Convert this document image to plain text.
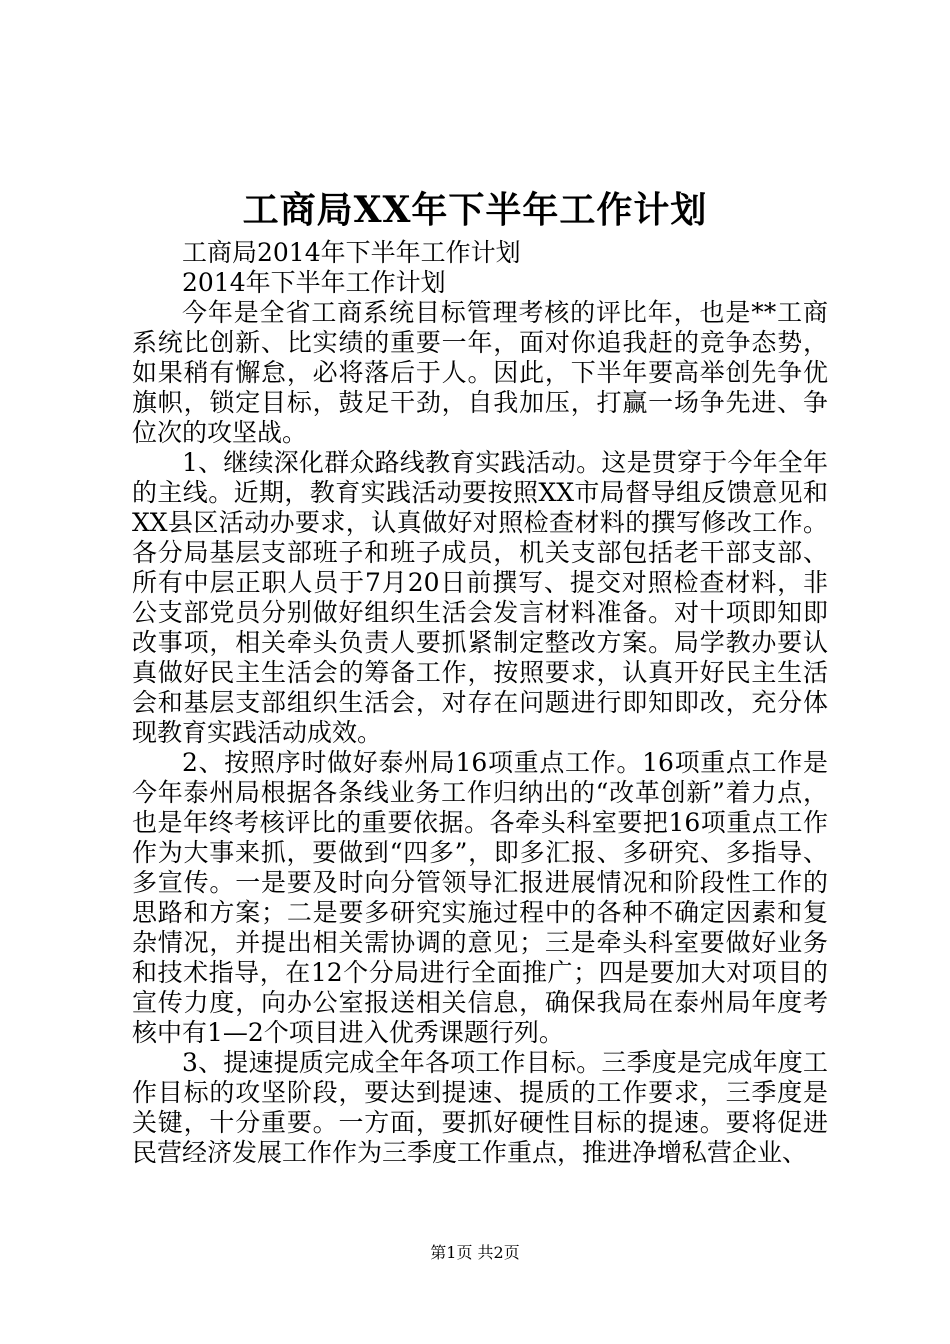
工商局XX年下半年工作计划

工商局2014年下半年工作计划

2014年下半年工作计划

今年是全省工商系统目标管理考核的评比年，也是**工商系统比创新、比实绩的重要一年，面对你追我赶的竞争态势，如果稍有懈怠，必将落后于人。因此，下半年要高举创先争优旗帜，锁定目标，鼓足干劲，自我加压，打赢一场争先进、争位次的攻坚战。

1、继续深化群众路线教育实践活动。这是贯穿于今年全年的主线。近期，教育实践活动要按照XX市局督导组反馈意见和XX县区活动办要求，认真做好对照检查材料的撰写修改工作。各分局基层支部班子和班子成员，机关支部包括老干部支部、所有中层正职人员于7月20日前撰写、提交对照检查材料，非公支部党员分别做好组织生活会发言材料准备。对十项即知即改事项，相关牵头负责人要抓紧制定整改方案。局学教办要认真做好民主生活会的筹备工作，按照要求，认真开好民主生活会和基层支部组织生活会，对存在问题进行即知即改，充分体现教育实践活动成效。

2、按照序时做好泰州局16项重点工作。16项重点工作是今年泰州局根据各条线业务工作归纳出的“改革创新”着力点，也是年终考核评比的重要依据。各牵头科室要把16项重点工作作为大事来抓，要做到“四多”，即多汇报、多研究、多指导、多宣传。一是要及时向分管领导汇报进展情况和阶段性工作的思路和方案；二是要多研究实施过程中的各种不确定因素和复杂情况，并提出相关需协调的意见；三是牵头科室要做好业务和技术指导，在12个分局进行全面推广；四是要加大对项目的宣传力度，向办公室报送相关信息，确保我局在泰州局年度考核中有1—2个项目进入优秀课题行列。

3、提速提质完成全年各项工作目标。三季度是完成年度工作目标的攻坚阶段，要达到提速、提质的工作要求，三季度是关键，十分重要。一方面，要抓好硬性目标的提速。要将促进民营经济发展工作作为三季度工作重点，推进净增私营企业、

第1页 共2页
